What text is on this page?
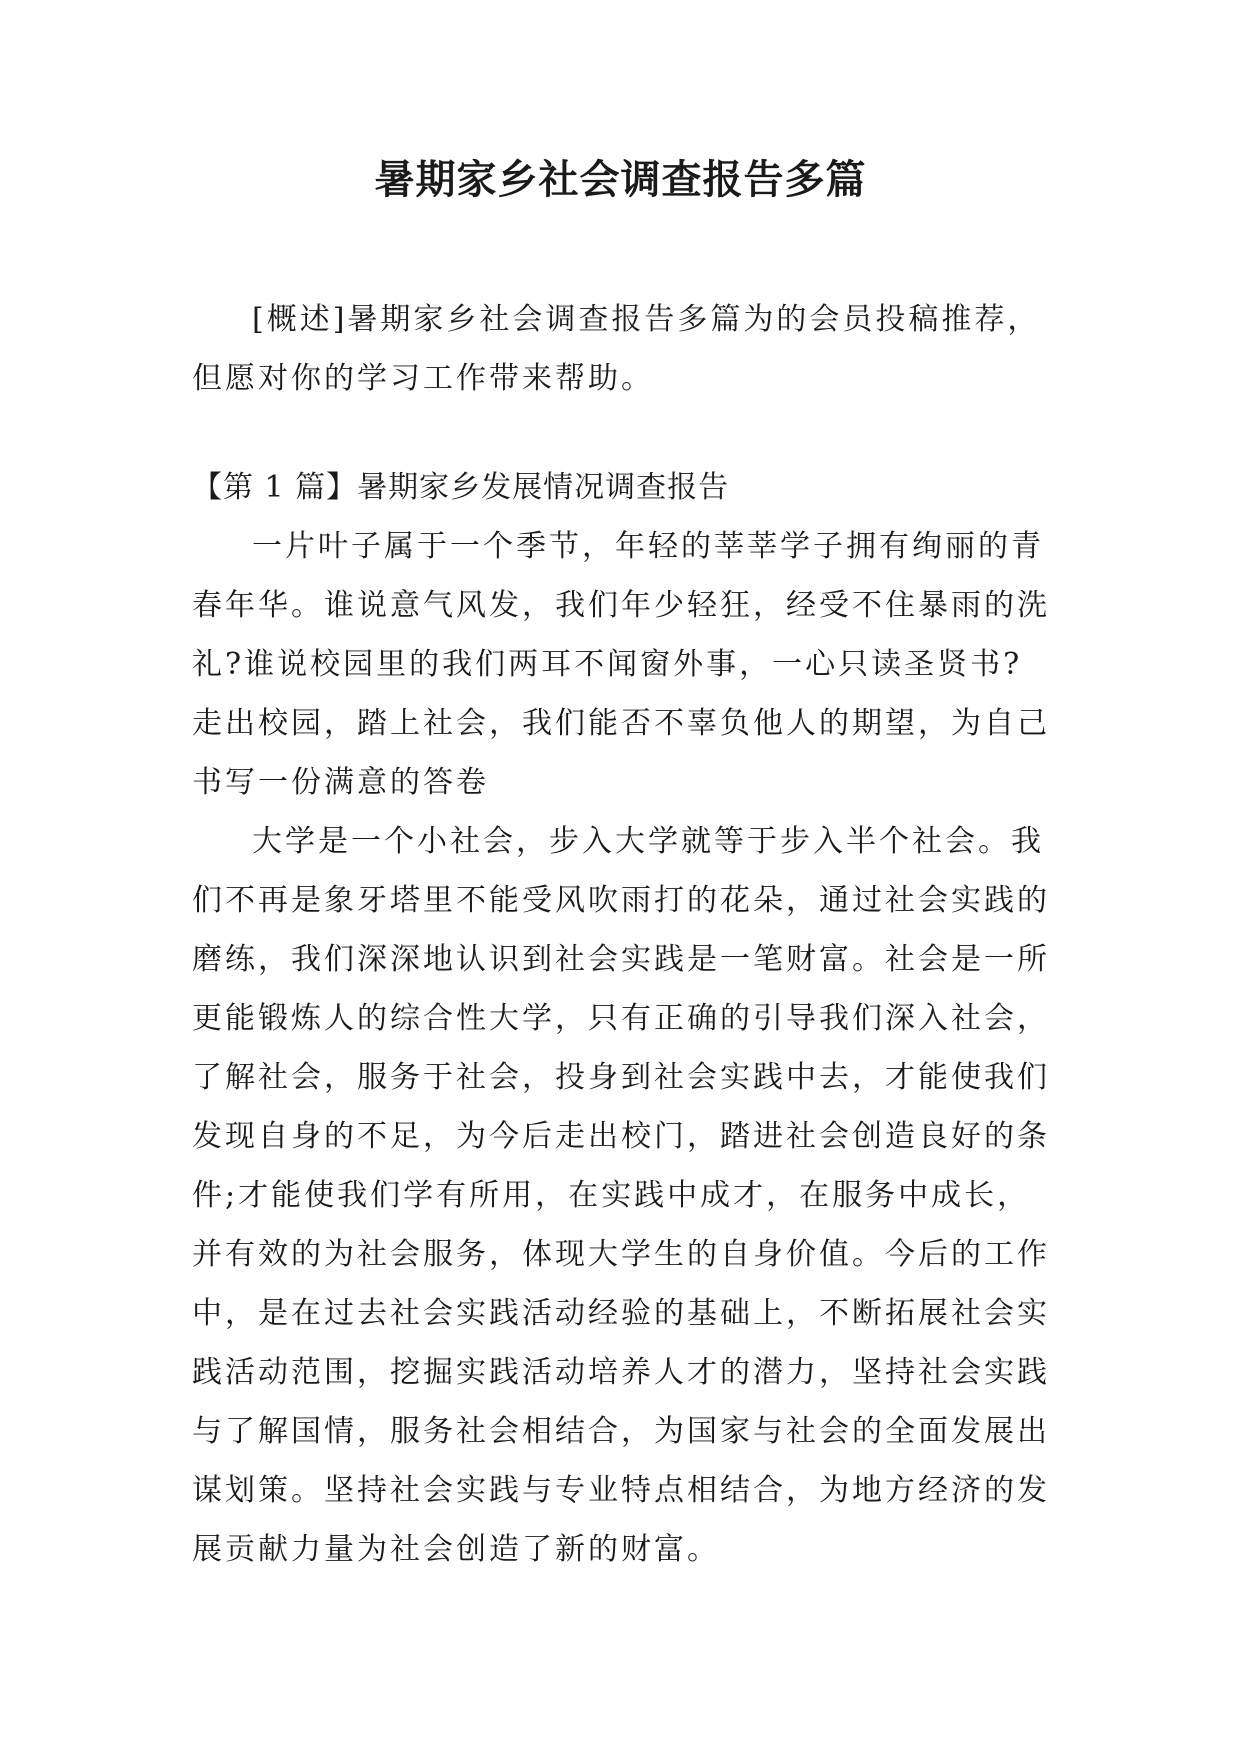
暑期家乡社会调查报告多篇

[概述]暑期家乡社会调查报告多篇为的会员投稿推荐，但愿对你的学习工作带来帮助。

【第 1 篇】暑期家乡发展情况调查报告

一片叶子属于一个季节，年轻的莘莘学子拥有绚丽的青春年华。谁说意气风发，我们年少轻狂，经受不住暴雨的洗礼?谁说校园里的我们两耳不闻窗外事，一心只读圣贤书?走出校园，踏上社会，我们能否不辜负他人的期望，为自己书写一份满意的答卷

大学是一个小社会，步入大学就等于步入半个社会。我们不再是象牙塔里不能受风吹雨打的花朵，通过社会实践的磨练，我们深深地认识到社会实践是一笔财富。社会是一所更能锻炼人的综合性大学，只有正确的引导我们深入社会，了解社会，服务于社会，投身到社会实践中去，才能使我们发现自身的不足，为今后走出校门，踏进社会创造良好的条件;才能使我们学有所用，在实践中成才，在服务中成长，并有效的为社会服务，体现大学生的自身价值。今后的工作中，是在过去社会实践活动经验的基础上，不断拓展社会实践活动范围，挖掘实践活动培养人才的潜力，坚持社会实践与了解国情，服务社会相结合，为国家与社会的全面发展出谋划策。坚持社会实践与专业特点相结合，为地方经济的发展贡献力量为社会创造了新的财富。
